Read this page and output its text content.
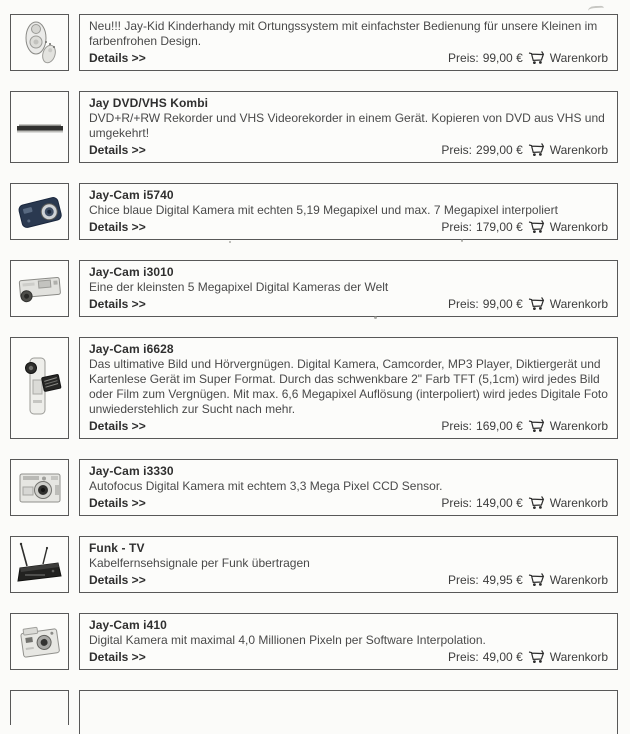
Neu!!! Jay-Kid Kinderhandy mit Ortungssystem mit einfachster Bedienung für unsere Kleinen im farbenfrohen Design.
Details >>	Preis: 99,00 € Warenkorb
Jay DVD/VHS Kombi
DVD+R/+RW Rekorder und VHS Videorekorder in einem Gerät. Kopieren von DVD aus VHS und umgekehrt!
Details >>	Preis: 299,00 € Warenkorb
Jay-Cam i5740
Chice blaue Digital Kamera mit echten 5,19 Megapixel und max. 7 Megapixel interpoliert
Details >>	Preis: 179,00 € Warenkorb
Jay-Cam i3010
Eine der kleinsten 5 Megapixel Digital Kameras der Welt
Details >>	Preis: 99,00 € Warenkorb
Jay-Cam i6628
Das ultimative Bild und Hörvergnügen. Digital Kamera, Camcorder, MP3 Player, Diktiergerät und Kartenlese Gerät im Super Format. Durch das schwenkbare 2" Farb TFT (5,1cm) wird jedes Bild oder Film zum Vergnügen. Mit max. 6,6 Megapixel Auflösung (interpoliert) wird jedes Digitale Foto unwiederstehlich zur Sucht nach mehr.
Details >>	Preis: 169,00 € Warenkorb
Jay-Cam i3330
Autofocus Digital Kamera mit echtem 3,3 Mega Pixel CCD Sensor.
Details >>	Preis: 149,00 € Warenkorb
Funk - TV
Kabelfernsehsignale per Funk übertragen
Details >>	Preis: 49,95 € Warenkorb
Jay-Cam i410
Digital Kamera mit maximal 4,0 Millionen Pixeln per Software Interpolation.
Details >>	Preis: 49,00 € Warenkorb
